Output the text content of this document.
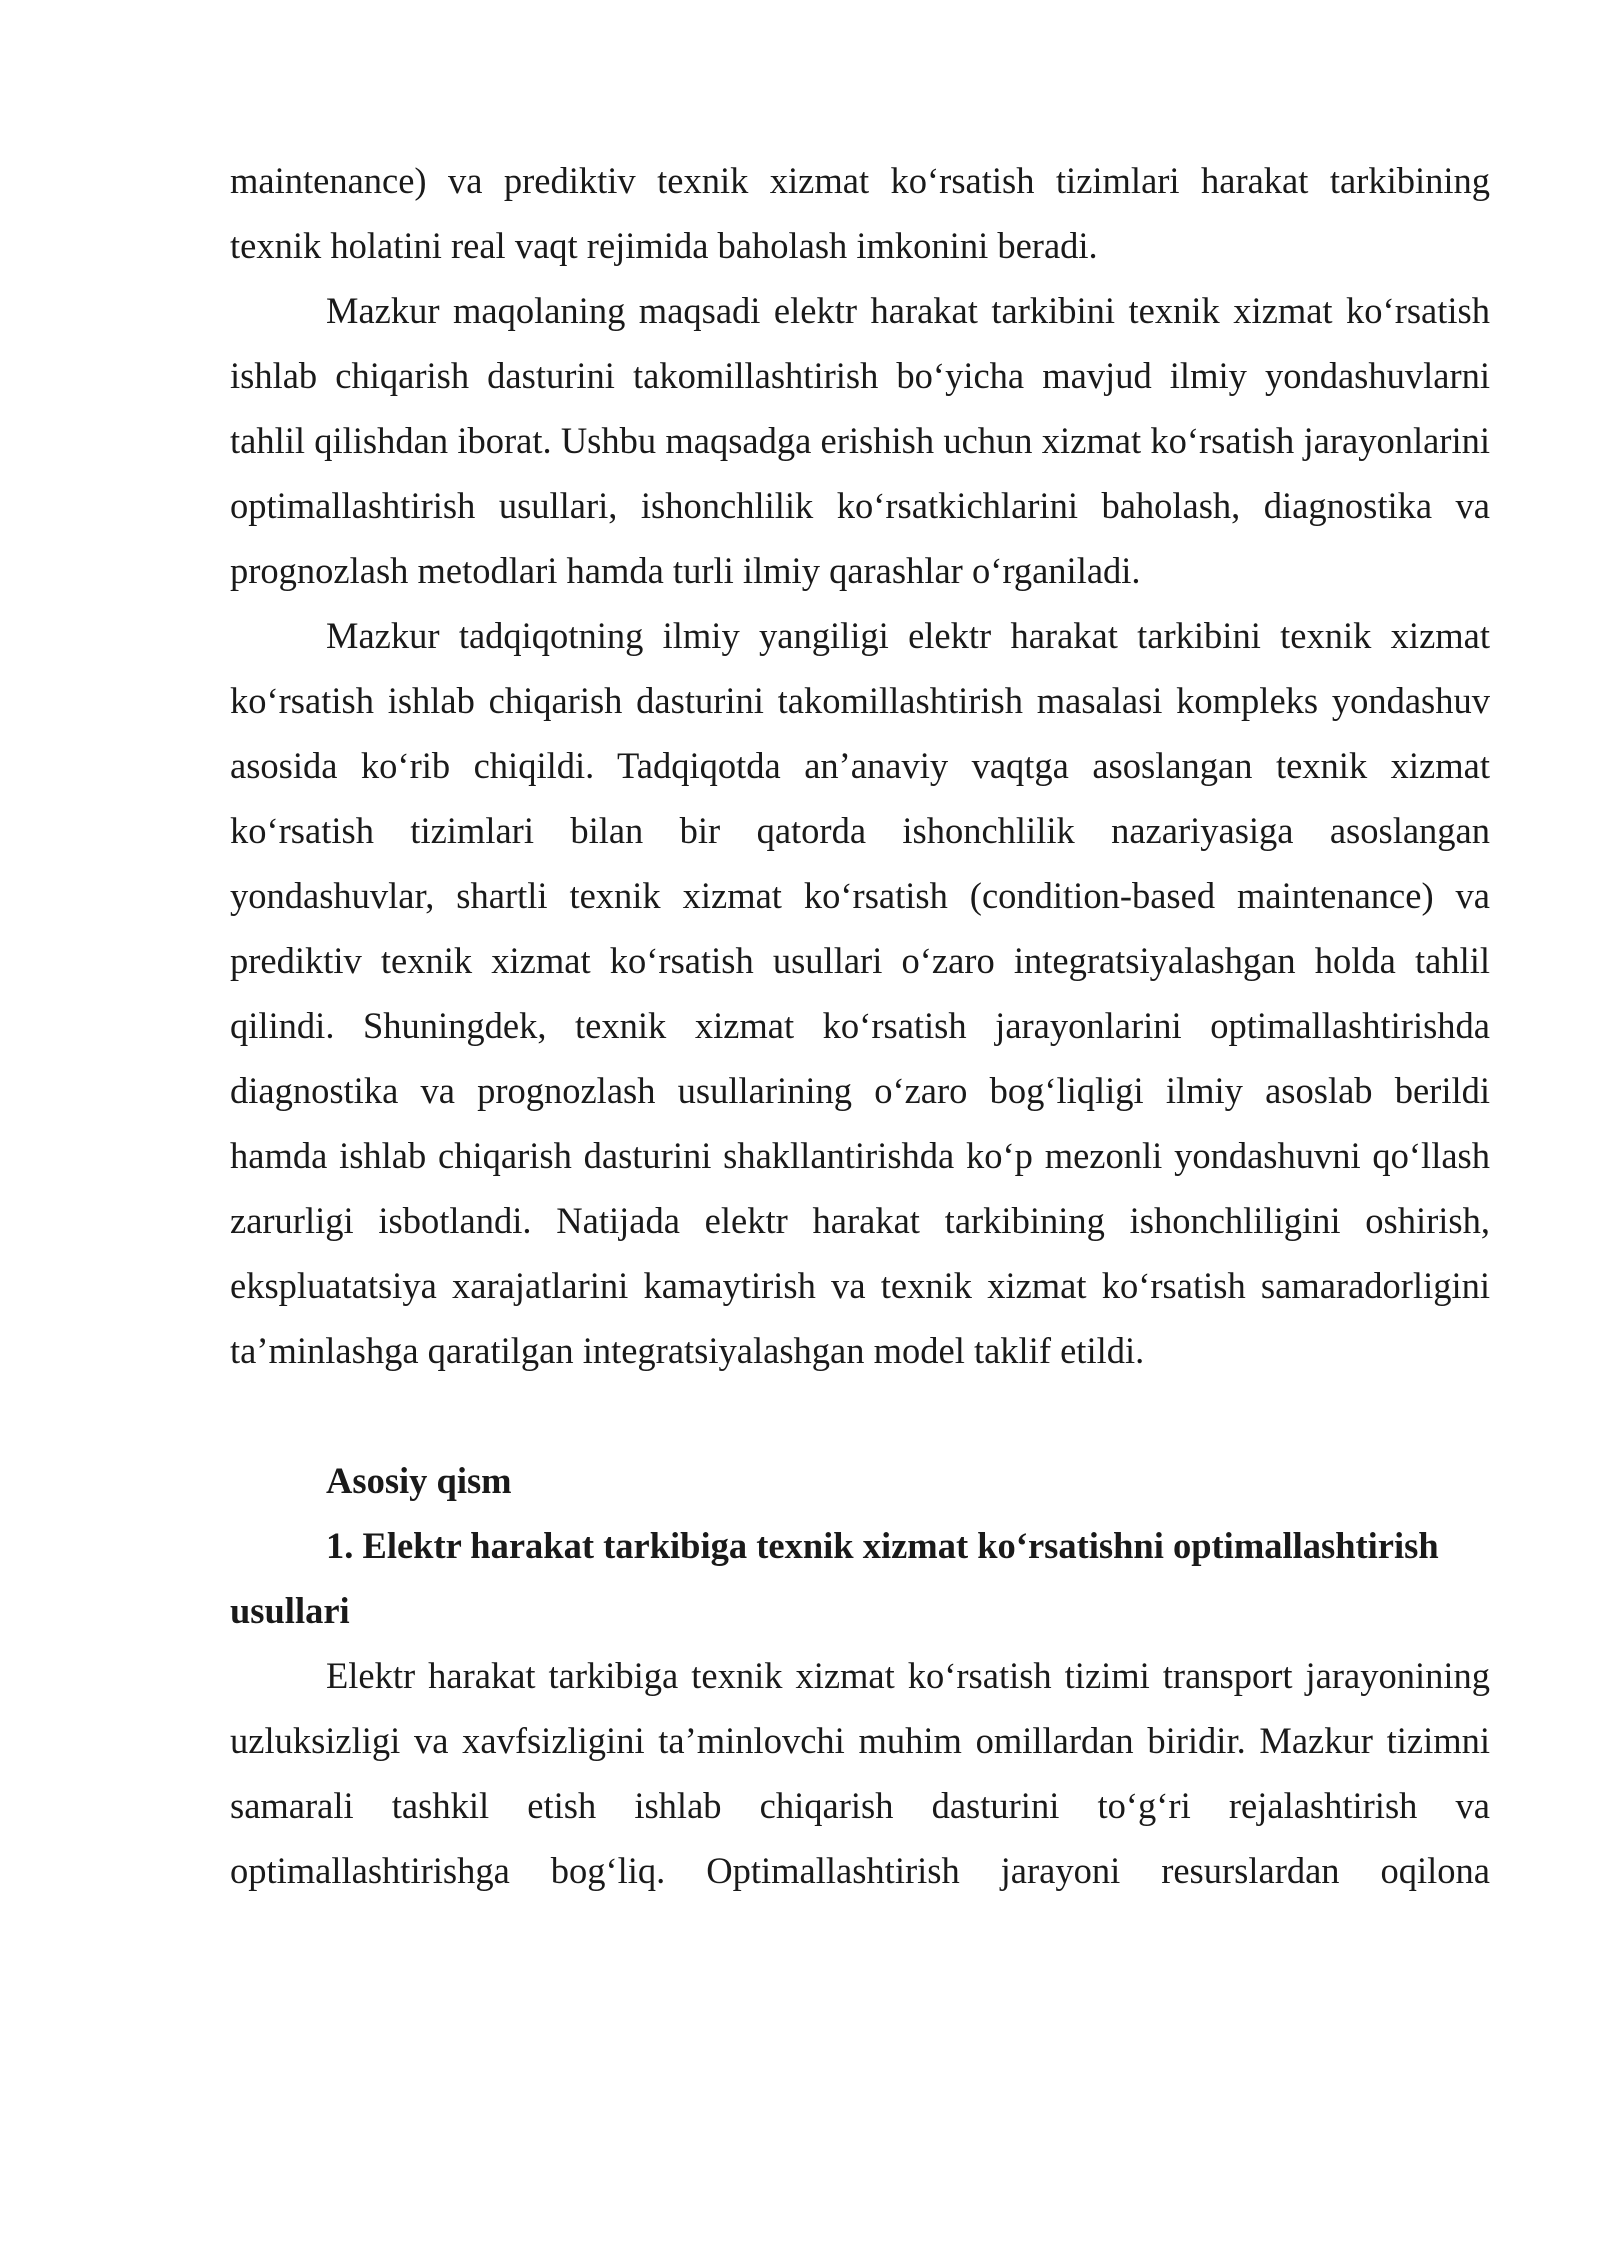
maintenance) va prediktiv texnik xizmat ko‘rsatish tizimlari harakat tarkibining texnik holatini real vaqt rejimida baholash imkonini beradi.

Mazkur maqolaning maqsadi elektr harakat tarkibini texnik xizmat ko‘rsatish ishlab chiqarish dasturini takomillashtirish bo‘yicha mavjud ilmiy yondashuvlarni tahlil qilishdan iborat. Ushbu maqsadga erishish uchun xizmat ko‘rsatish jarayonlarini optimallashtirish usullari, ishonchlilik ko‘rsatkichlarini baholash, diagnostika va prognozlash metodlari hamda turli ilmiy qarashlar o‘rganiladi.

Mazkur tadqiqotning ilmiy yangiligi elektr harakat tarkibini texnik xizmat ko‘rsatish ishlab chiqarish dasturini takomillashtirish masalasi kompleks yondashuv asosida ko‘rib chiqildi. Tadqiqotda an’anaviy vaqtga asoslangan texnik xizmat ko‘rsatish tizimlari bilan bir qatorda ishonchlilik nazariyasiga asoslangan yondashuvlar, shartli texnik xizmat ko‘rsatish (condition-based maintenance) va prediktiv texnik xizmat ko‘rsatish usullari o‘zaro integratsiyalashgan holda tahlil qilindi. Shuningdek, texnik xizmat ko‘rsatish jarayonlarini optimallashtirishda diagnostika va prognozlash usullarining o‘zaro bog‘liqligi ilmiy asoslab berildi hamda ishlab chiqarish dasturini shakllantirishda ko‘p mezonli yondashuvni qo‘llash zarurligi isbotlandi. Natijada elektr harakat tarkibining ishonchliligini oshirish, ekspluatatsiya xarajatlarini kamaytirish va texnik xizmat ko‘rsatish samaradorligini ta’minlashga qaratilgan integratsiyalashgan model taklif etildi.

Asosiy qism

1. Elektr harakat tarkibiga texnik xizmat ko‘rsatishni optimallashtirish usullari

Elektr harakat tarkibiga texnik xizmat ko‘rsatish tizimi transport jarayonining uzluksizligi va xavfsizligini ta’minlovchi muhim omillardan biridir. Mazkur tizimni samarali tashkil etish ishlab chiqarish dasturini to‘g‘ri rejalashtirish va optimallashtirishga bog‘liq. Optimallashtirish jarayoni resurslardan oqilona
